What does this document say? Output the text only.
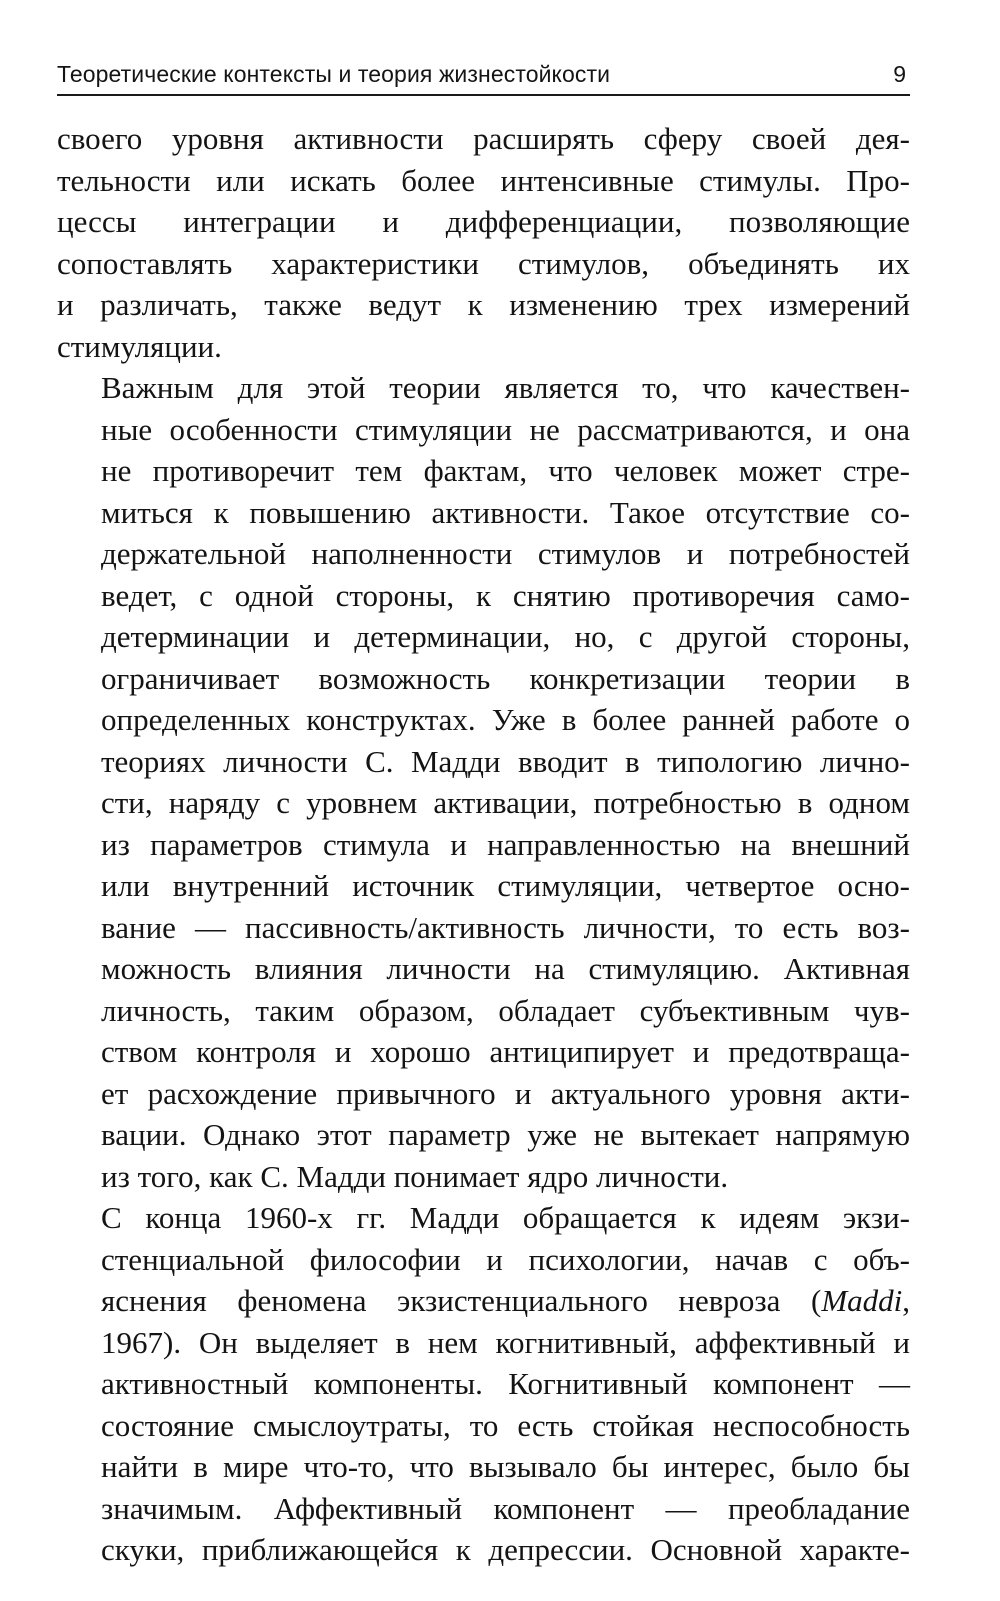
Теоретические контексты и теория жизнестойкости	9

своего уровня активности расширять сферу своей дея-
тельности или искать более интенсивные стимулы. Про-
цессы интеграции и дифференциации, позволяющие
сопоставлять характеристики стимулов, объединять их
и различать, также ведут к изменению трех измерений
стимуляции.

Важным для этой теории является то, что качествен-
ные особенности стимуляции не рассматриваются, и она
не противоречит тем фактам, что человек может стре-
миться к повышению активности. Такое отсутствие со-
держательной наполненности стимулов и потребностей
ведет, с одной стороны, к снятию противоречия само-
детерминации и детерминации, но, с другой стороны,
ограничивает возможность конкретизации теории в
определенных конструктах. Уже в более ранней работе о
теориях личности С. Мадди вводит в типологию лично-
сти, наряду с уровнем активации, потребностью в одном
из параметров стимула и направленностью на внешний
или внутренний источник стимуляции, четвертое осно-
вание — пассивность/активность личности, то есть воз-
можность влияния личности на стимуляцию. Активная
личность, таким образом, обладает субъективным чув-
ством контроля и хорошо антиципирует и предотвраща-
ет расхождение привычного и актуального уровня акти-
вации. Однако этот параметр уже не вытекает напрямую
из того, как С. Мадди понимает ядро личности.

С конца 1960-х гг. Мадди обращается к идеям экзи-
стенциальной философии и психологии, начав с объ-
яснения феномена экзистенциального невроза (Maddi,
1967). Он выделяет в нем когнитивный, аффективный и
активностный компоненты. Когнитивный компонент —
состояние смыслоутраты, то есть стойкая неспособность
найти в мире что-то, что вызывало бы интерес, было бы
значимым. Аффективный компонент — преобладание
скуки, приближающейся к депрессии. Основной характе-
